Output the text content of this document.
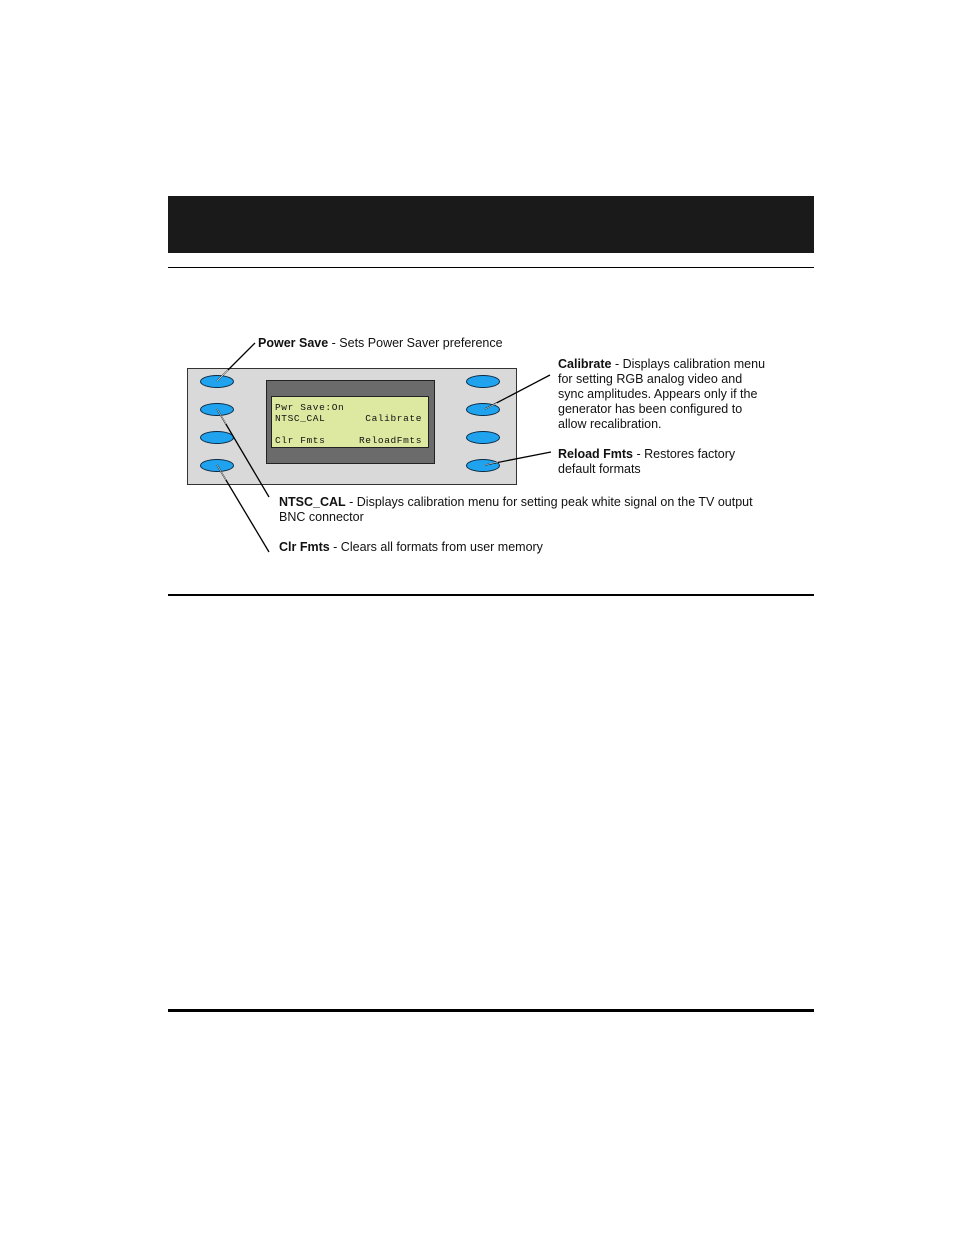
Pwr Save:On
NTSC_CAL	Calibrate
Clr Fmts	ReloadFmts
Power Save - Sets Power Saver preference
Calibrate - Displays calibration menu
for setting RGB analog video and
sync amplitudes. Appears only if the
generator has been configured to
allow recalibration.
Reload Fmts - Restores factory
default formats
NTSC_CAL - Displays calibration menu for setting peak white signal on the TV output
BNC connector
Clr Fmts - Clears all formats from user memory
